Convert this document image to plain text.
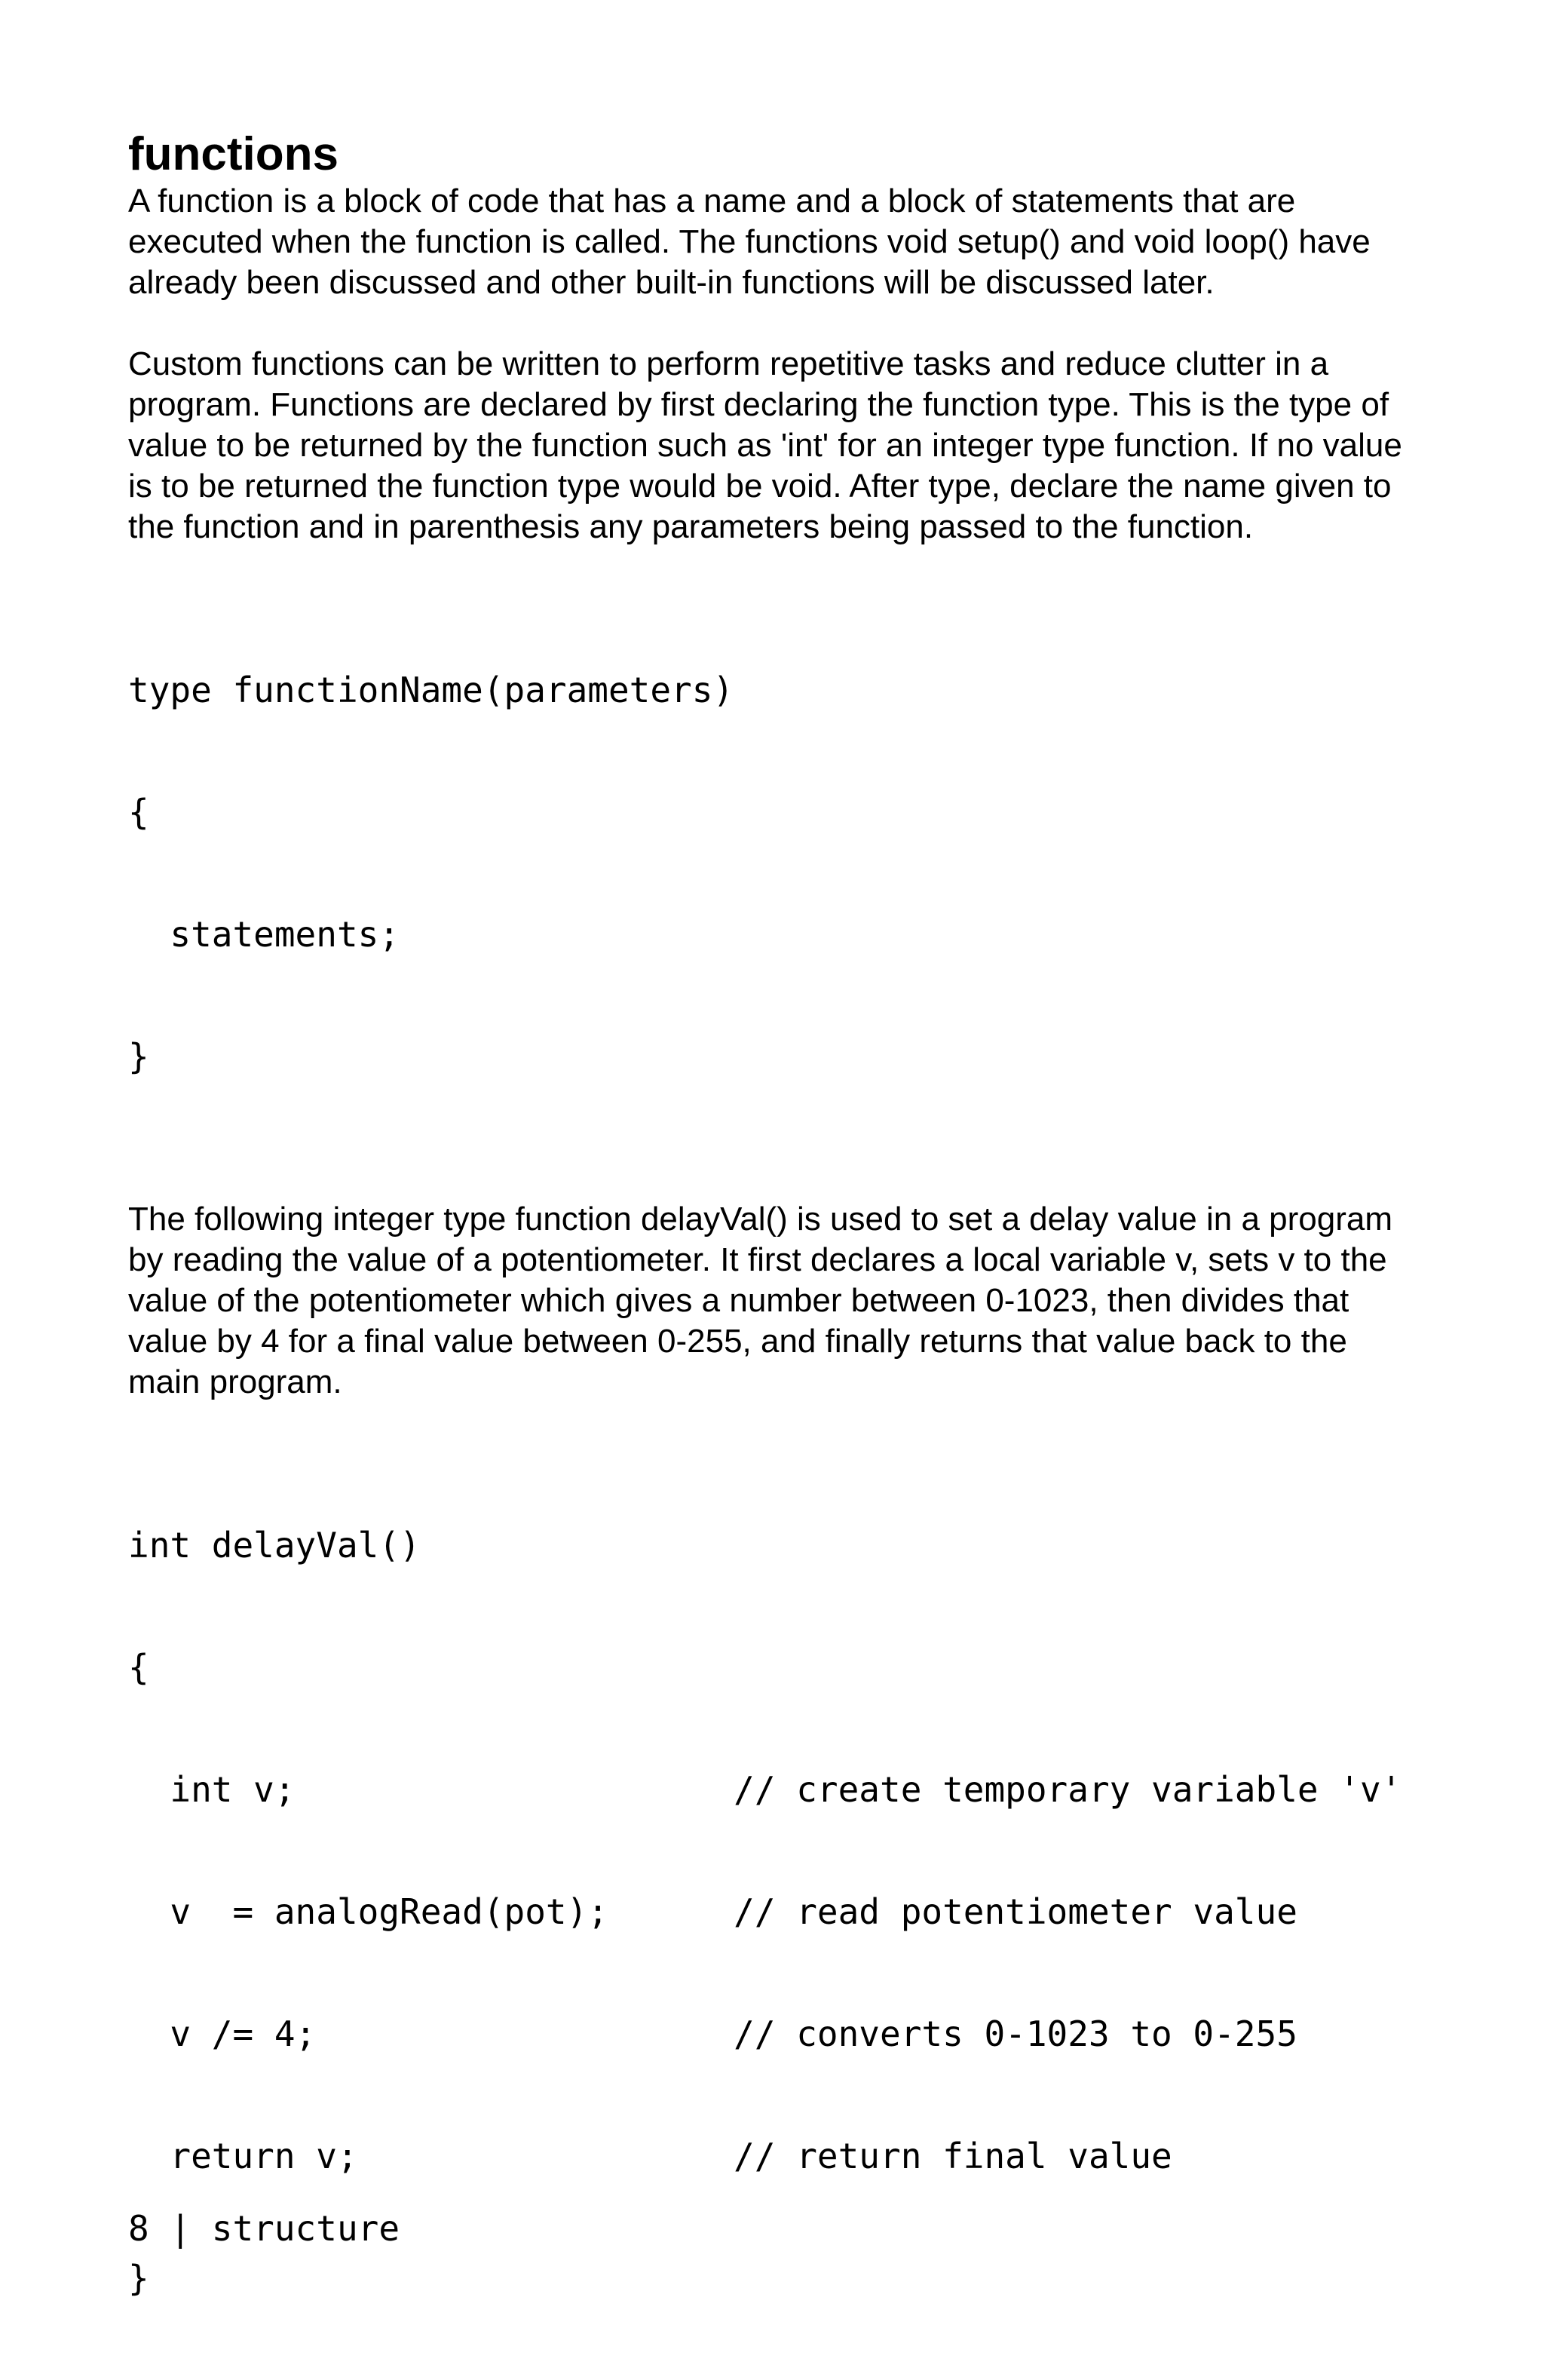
functions

A function is a block of code that has a name and a block of statements that are executed when the function is called. The functions void setup() and void loop() have already been discussed and other built-in functions will be discussed later.

Custom functions can be written to perform repetitive tasks and reduce clutter in a program. Functions are declared by first declaring the function type. This is the type of value to be returned by the function such as 'int' for an integer type function. If no value is to be returned the function type would be void. After type, declare the name given to the function and in parenthesis any parameters being passed to the function.

type functionName(parameters)

{

statements;

}

The following integer type function delayVal() is used to set a delay value in a program by reading the value of a potentiometer. It first declares a local variable v, sets v to the value of the potentiometer which gives a number between 0-1023, then divides that value by 4 for a final value between 0-255, and finally returns that value back to the main program.

int delayVal()

{

int v;                     // create temporary variable 'v'

v  = analogRead(pot);      // read potentiometer value

v /= 4;                    // converts 0-1023 to 0-255

return v;                  // return final value

}

8 | structure
